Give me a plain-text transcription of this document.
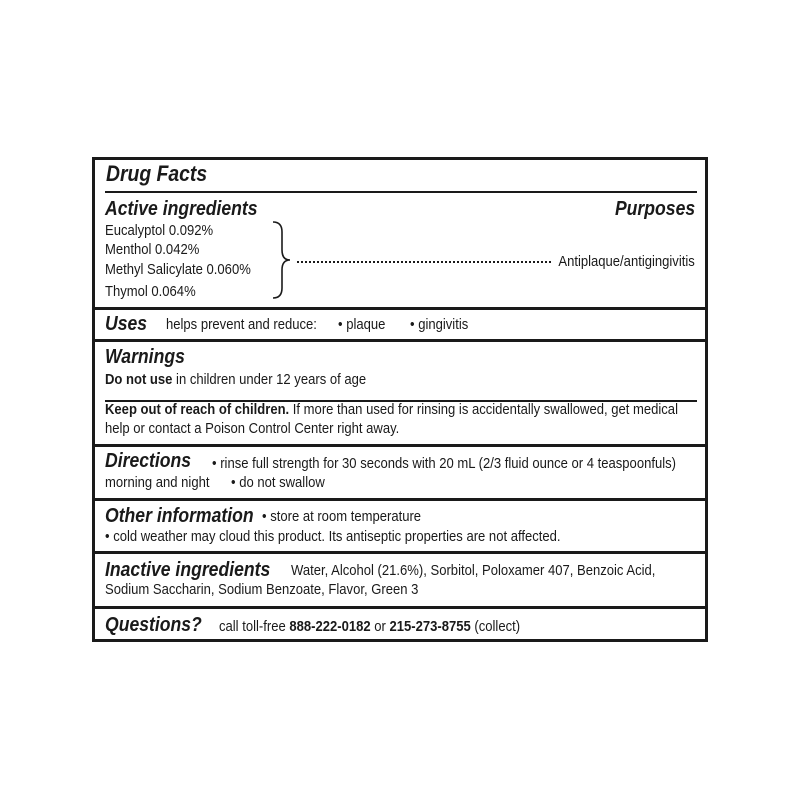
Drug Facts
Active ingredients	Purposes
Eucalyptol 0.092%
Menthol 0.042%
Methyl Salicylate 0.060%
Thymol 0.064%
Antiplaque/antigingivitis
Uses helps prevent and reduce: • plaque • gingivitis
Warnings
Do not use in children under 12 years of age
Keep out of reach of children. If more than used for rinsing is accidentally swallowed, get medical
help or contact a Poison Control Center right away.
Directions • rinse full strength for 30 seconds with 20 mL (2/3 fluid ounce or 4 teaspoonfuls)
morning and night • do not swallow
Other information • store at room temperature
• cold weather may cloud this product. Its antiseptic properties are not affected.
Inactive ingredients Water, Alcohol (21.6%), Sorbitol, Poloxamer 407, Benzoic Acid,
Sodium Saccharin, Sodium Benzoate, Flavor, Green 3
Questions? call toll-free 888-222-0182 or 215-273-8755 (collect)
